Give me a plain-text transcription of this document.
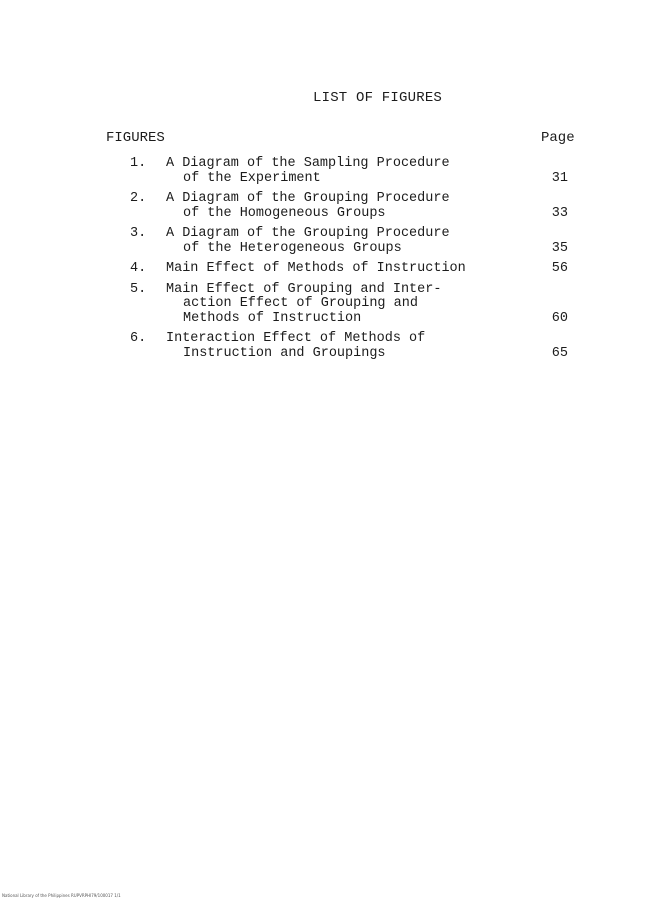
LIST OF FIGURES
FIGURES	Page
1. A Diagram of the Sampling Procedure
of the Experiment	31
2. A Diagram of the Grouping Procedure
of the Homogeneous Groups	33
3. A Diagram of the Grouping Procedure
of the Heterogeneous Groups	35
4. Main Effect of Methods of Instruction	56
5. Main Effect of Grouping and Inter-
action Effect of Grouping and
Methods of Instruction	60
6. Interaction Effect of Methods of
Instruction and Groupings	65
National Library of the Philippines RUPVRPHI79/100017 1/1
